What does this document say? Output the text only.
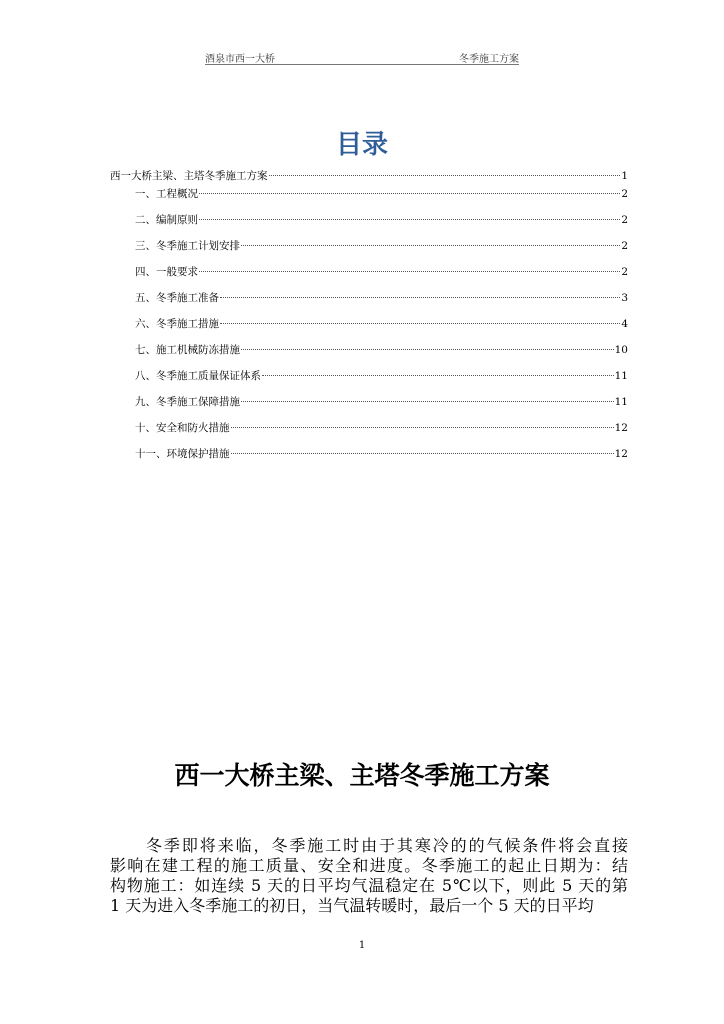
酒泉市西一大桥	冬季施工方案
目录
西一大桥主梁、主塔冬季施工方案	1
一、工程概况	2
二、编制原则	2
三、冬季施工计划安排	2
四、一般要求	2
五、冬季施工准备	3
六、冬季施工措施	4
七、施工机械防冻措施	10
八、冬季施工质量保证体系	11
九、冬季施工保障措施	11
十、安全和防火措施	12
十一、环境保护措施	12
西一大桥主梁、主塔冬季施工方案
冬季即将来临，冬季施工时由于其寒冷的的气候条件将会直接
影响在建工程的施工质量、安全和进度。冬季施工的起止日期为：结
构物施工：如连续 5 天的日平均气温稳定在 5℃以下，则此 5 天的第
1 天为进入冬季施工的初日，当气温转暖时，最后一个 5 天的日平均
1
